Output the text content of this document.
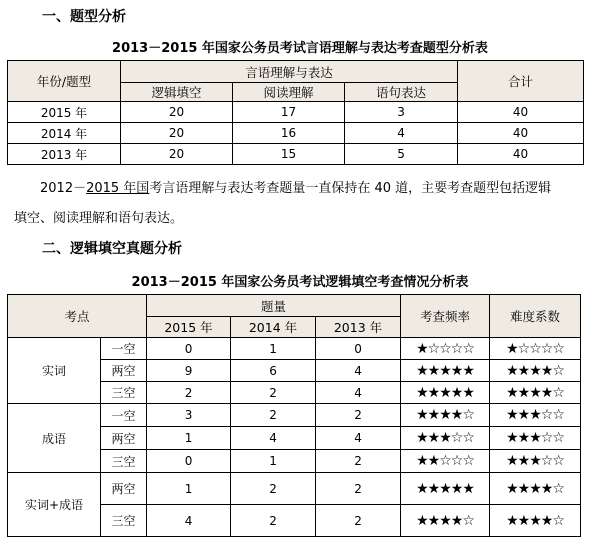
一、题型分析
2013－2015 年国家公务员考试言语理解与表达考查题型分析表
年份/题型	言语理解与表达			合计
	逻辑填空	阅读理解	语句表达	
2015 年	20	17	3	40
2014 年	20	16	4	40
2013 年	20	15	5	40
2012－2015 年国考言语理解与表达考查题量一直保持在 40 道，主要考查题型包括逻辑
填空、阅读理解和语句表达。
二、逻辑填空真题分析
2013－2015 年国家公务员考试逻辑填空考查情况分析表
考点		题量			考查频率	难度系数
		2015 年	2014 年	2013 年		
实词	一空	0	1	0	★☆☆☆☆	★☆☆☆☆
	两空	9	6	4	★★★★★	★★★★☆
	三空	2	2	4	★★★★★	★★★★☆
成语	一空	3	2	2	★★★★☆	★★★☆☆
	两空	1	4	4	★★★☆☆	★★★☆☆
	三空	0	1	2	★★☆☆☆	★★★☆☆
实词+成语	两空	1	2	2	★★★★★	★★★★☆
	三空	4	2	2	★★★★☆	★★★★☆
